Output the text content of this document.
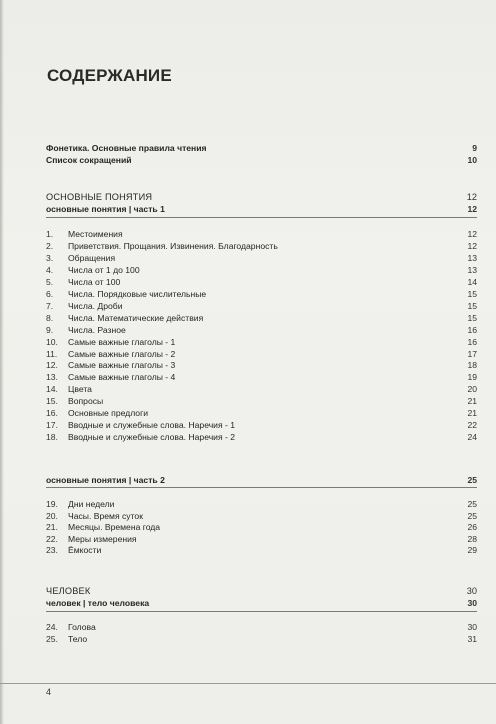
СОДЕРЖАНИЕ
Фонетика. Основные правила чтения	9
Список сокращений	10
ОСНОВНЫЕ ПОНЯТИЯ	12
основные понятия | часть 1	12
1.	Местоимения	12
2.	Приветствия. Прощания. Извинения. Благодарность	12
3.	Обращения	13
4.	Числа от 1 до 100	13
5.	Числа от 100	14
6.	Числа. Порядковые числительные	15
7.	Числа. Дроби	15
8.	Числа. Математические действия	15
9.	Числа. Разное	16
10.	Самые важные глаголы - 1	16
11.	Самые важные глаголы - 2	17
12.	Самые важные глаголы - 3	18
13.	Самые важные глаголы - 4	19
14.	Цвета	20
15.	Вопросы	21
16.	Основные предлоги	21
17.	Вводные и служебные слова. Наречия - 1	22
18.	Вводные и служебные слова. Наречия - 2	24
основные понятия | часть 2	25
19.	Дни недели	25
20.	Часы. Время суток	25
21.	Месяцы. Времена года	26
22.	Меры измерения	28
23.	Ёмкости	29
ЧЕЛОВЕК	30
человек | тело человека	30
24.	Голова	30
25.	Тело	31
4
